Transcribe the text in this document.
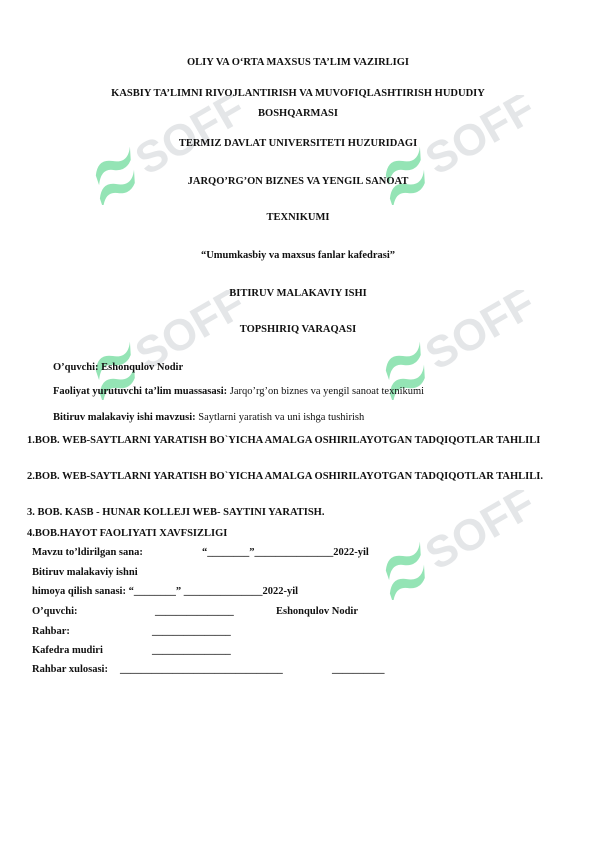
OLIY VA O‘RTA MAXSUS TA’LIM VAZIRLIGI
KASBIY TA’LIMNI RIVOJLANTIRISH VA MUVOFIQLASHTIRISH HUDUDIY
BOSHQARMASI
TERMIZ DAVLAT UNIVERSITETI HUZURIDAGI
JARQO’RG’ON BIZNES VA YENGIL SANOAT
TEXNIKUMI
“Umumkasbiy va maxsus fanlar kafedrasi”
BITIRUV MALAKAVIY ISHI
TOPSHIRIQ VARAQASI
O’quvchi: Eshonqulov Nodir
Faoliyat yurutuvchi ta’lim muassasasi: Jarqo’rg’on biznes va yengil sanoat texnikumi
Bitiruv malakaviy ishi mavzusi: Saytlarni yaratish va uni ishga tushirish
1.BOB. WEB-SAYTLARNI YARATISH BO`YICHA AMALGA OSHIRILAYOTGAN TADQIQOTLAR TAHLILI
2.BOB. WEB-SAYTLARNI YARATISH BO`YICHA AMALGA OSHIRILAYOTGAN TADQIQOTLAR TAHLILI.
3. BOB. KASB - HUNAR KOLLEJI WEB- SAYTINI YARATISH.
4.BOB.HAYOT FAOLIYATI XAVFSIZLIGI
Mavzu to’ldirilgan sana:	“________”_______________2022-yil
Bitiruv malakaviy ishni
himoya qilish sanasi: “________” _______________2022-yil
O’quvchi:	_______________	Eshonqulov Nodir
Rahbar:	_______________
Kafedra mudiri	_______________
Rahbar xulosasi: _______________________________	__________
